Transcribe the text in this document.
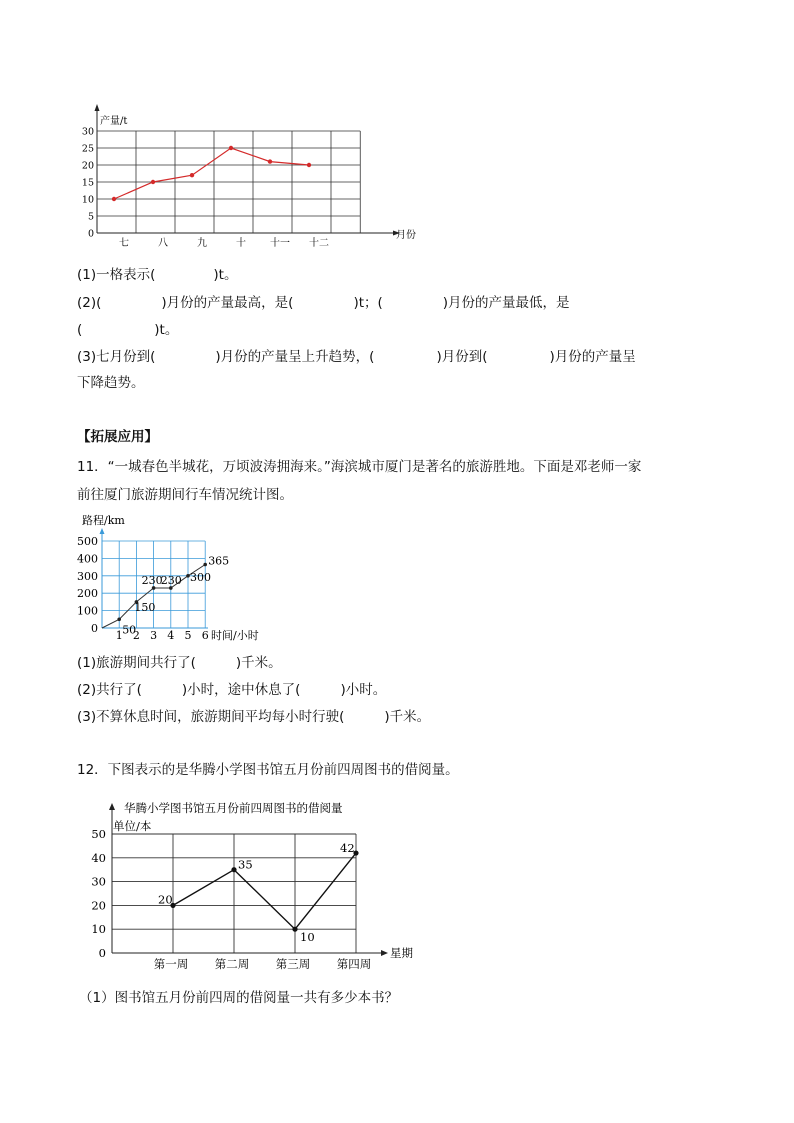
产量/t
月份
0
5
10
15
20
25
30
七	八	九	十 十一 十二
(1)一格表示(	)t。
(2)(	)月份的产量最高，是(	)t；(	)月份的产量最低，是
(	)t。
(3)七月份到(	)月份的产量呈上升趋势，(	)月份到(	)月份的产量呈
下降趋势。
【拓展应用】
11．“一城春色半城花，万顷波涛拥海来。”海滨城市厦门是著名的旅游胜地。下面是邓老师一家
前往厦门旅游期间行车情况统计图。
路程/km
0
100
200
300
400
500
1 2 3 4 5 6 时间/小时
50
150
230
230 300
365
(1)旅游期间共行了(	)千米。
(2)共行了(	)小时，途中休息了(	)小时。
(3)不算休息时间，旅游期间平均每小时行驶(	)千米。
12．下图表示的是华腾小学图书馆五月份前四周图书的借阅量。
华腾小学图书馆五月份前四周图书的借阅量
单位/本
0
10
20
30
40
50
第一周 第二周 第三周 第四周
星期
20
35
10
42
（1）图书馆五月份前四周的借阅量一共有多少本书？
